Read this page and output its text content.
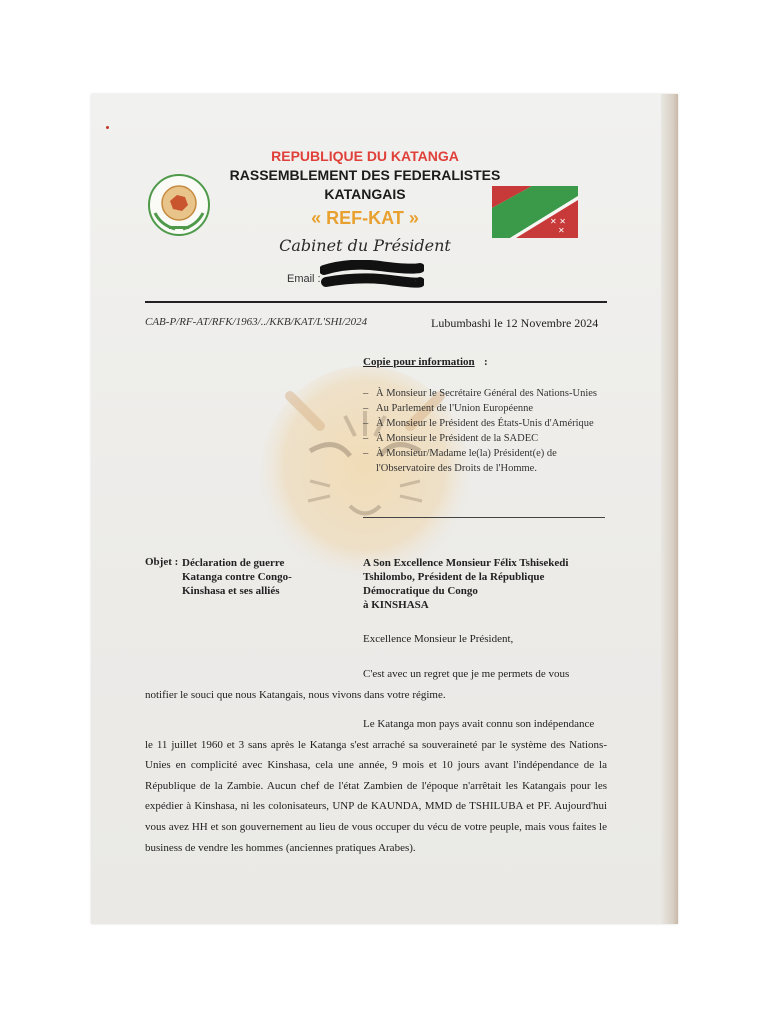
REPUBLIQUE DU KATANGA
RASSEMBLEMENT DES FEDERALISTES
KATANGAIS
« REF-KAT »
Cabinet du Président
✕ ✕
✕
Email :
CAB-P/RF-AT/RFK/1963/../KKB/KAT/L'SHI/2024	Lubumbashi le 12 Novembre 2024
Copie pour information :
– À Monsieur le Secrétaire Général des Nations-Unies
– Au Parlement de l'Union Européenne
– À Monsieur le Président des États-Unis d'Amérique
– À Monsieur le Président de la SADEC
– À Monsieur/Madame le(la) Président(e) de l'Observatoire des Droits de l'Homme.
Objet : Déclaration de guerre Katanga contre Congo-Kinshasa et ses alliés
A Son Excellence Monsieur Félix Tshisekedi
Tshilombo, Président de la République
Démocratique du Congo
à KINSHASA
Excellence Monsieur le Président,
C'est avec un regret que je me permets de vous
notifier le souci que nous Katangais, nous vivons dans votre régime.
Le Katanga mon pays avait connu son indépendance
le 11 juillet 1960 et 3 sans après le Katanga s'est arraché sa souveraineté par le système des Nations-Unies en complicité avec Kinshasa, cela une année, 9 mois et 10 jours avant l'indépendance de la République de la Zambie. Aucun chef de l'état Zambien de l'époque n'arrêtait les Katangais pour les expédier à Kinshasa, ni les colonisateurs, UNP de KAUNDA, MMD de TSHILUBA et PF. Aujourd'hui vous avez HH et son gouvernement au lieu de vous occuper du vécu de votre peuple, mais vous faites le business de vendre les hommes (anciennes pratiques Arabes).
